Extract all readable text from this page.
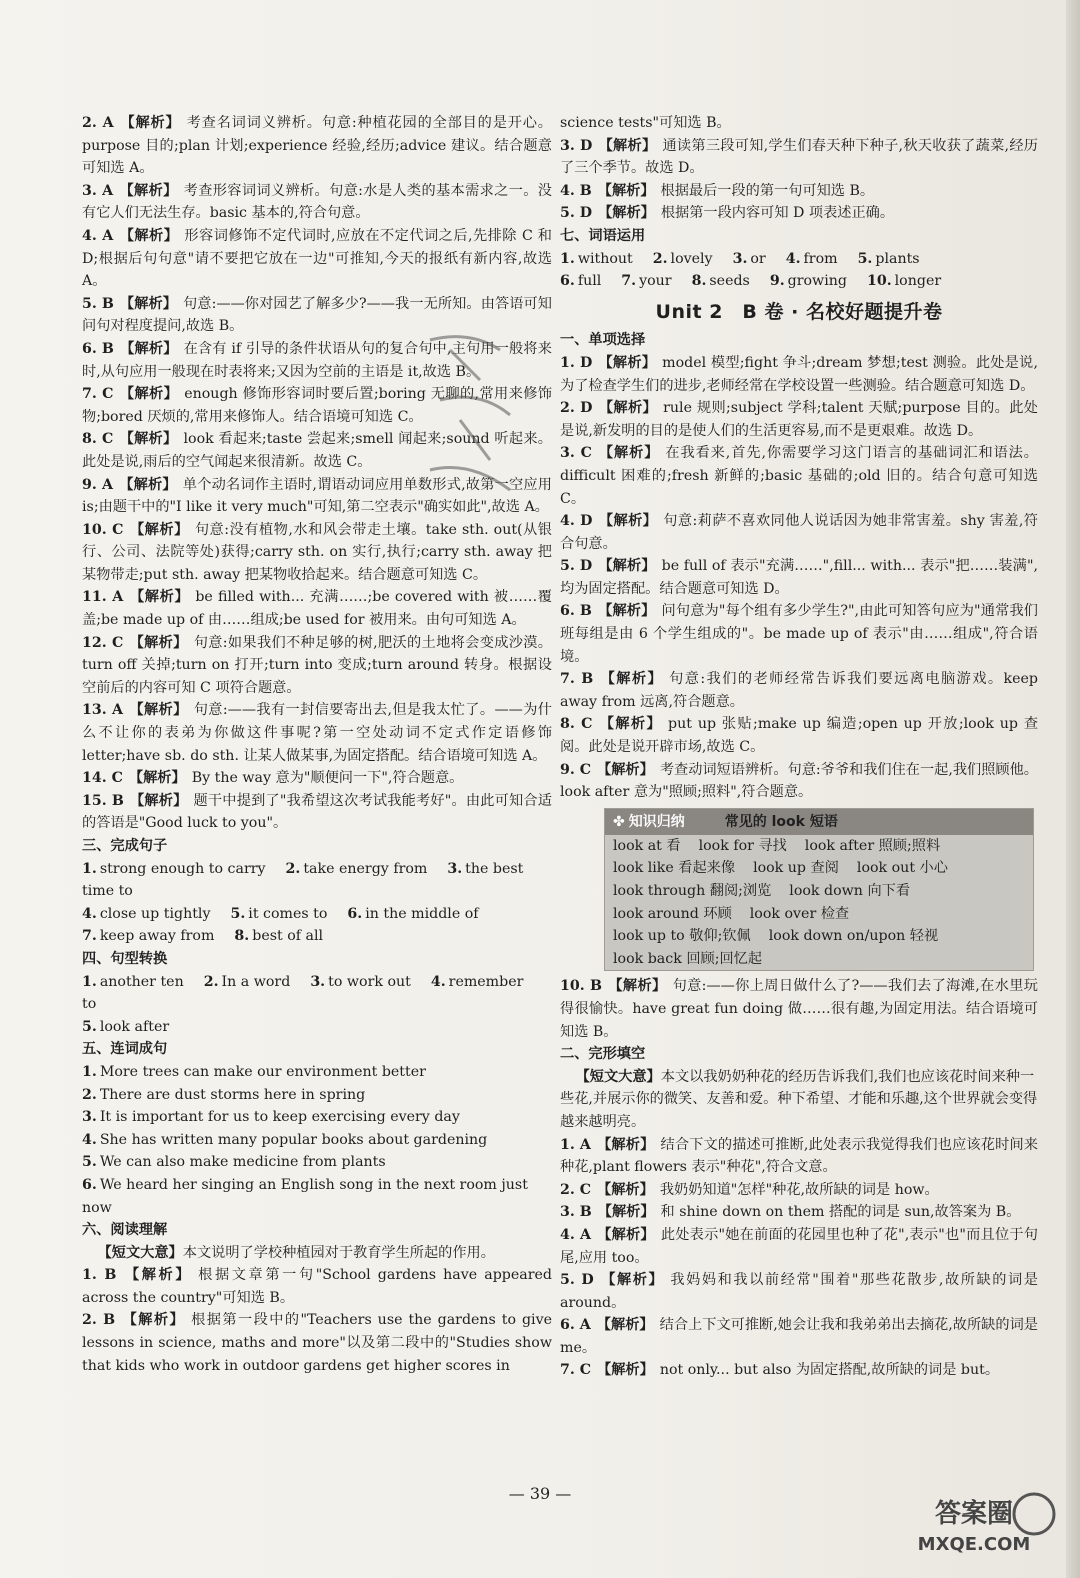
2. A 【解析】 考查名词词义辨析。句意:种植花园的全部目的是开心。purpose 目的;plan 计划;experience 经验,经历;advice 建议。结合题意可知选 A。

3. A 【解析】 考查形容词词义辨析。句意:水是人类的基本需求之一。没有它人们无法生存。basic 基本的,符合句意。

4. A 【解析】 形容词修饰不定代词时,应放在不定代词之后,先排除 C 和 D;根据后句句意"请不要把它放在一边"可推知,今天的报纸有新内容,故选 A。

5. B 【解析】 句意:——你对园艺了解多少?——我一无所知。由答语可知问句对程度提问,故选 B。

6. B 【解析】 在含有 if 引导的条件状语从句的复合句中,主句用一般将来时,从句应用一般现在时表将来;又因为空前的主语是 it,故选 B。

7. C 【解析】 enough 修饰形容词时要后置;boring 无聊的,常用来修饰物;bored 厌烦的,常用来修饰人。结合语境可知选 C。

8. C 【解析】 look 看起来;taste 尝起来;smell 闻起来;sound 听起来。此处是说,雨后的空气闻起来很清新。故选 C。

9. A 【解析】 单个动名词作主语时,谓语动词应用单数形式,故第一空应用 is;由题干中的"I like it very much"可知,第二空表示"确实如此",故选 A。

10. C 【解析】 句意:没有植物,水和风会带走土壤。take sth. out(从银行、公司、法院等处)获得;carry sth. on 实行,执行;carry sth. away 把某物带走;put sth. away 把某物收拾起来。结合题意可知选 C。

11. A 【解析】 be filled with... 充满……;be covered with 被……覆盖;be made up of 由……组成;be used for 被用来。由句可知选 A。

12. C 【解析】 句意:如果我们不种足够的树,肥沃的土地将会变成沙漠。turn off 关掉;turn on 打开;turn into 变成;turn around 转身。根据设空前后的内容可知 C 项符合题意。

13. A 【解析】 句意:——我有一封信要寄出去,但是我太忙了。——为什么不让你的表弟为你做这件事呢?第一空处动词不定式作定语修饰 letter;have sb. do sth. 让某人做某事,为固定搭配。结合语境可知选 A。

14. C 【解析】 By the way 意为"顺便问一下",符合题意。

15. B 【解析】 题干中提到了"我希望这次考试我能考好"。由此可知合适的答语是"Good luck to you"。

三、完成句子

1. strong enough to carry 2. take energy from 3. the best time to

4. close up tightly 5. it comes to 6. in the middle of

7. keep away from 8. best of all

四、句型转换

1. another ten 2. In a word 3. to work out 4. remember to

5. look after

五、连词成句

1. More trees can make our environment better

2. There are dust storms here in spring

3. It is important for us to keep exercising every day

4. She has written many popular books about gardening

5. We can also make medicine from plants

6. We heard her singing an English song in the next room just now

六、阅读理解

【短文大意】本文说明了学校种植园对于教育学生所起的作用。

1. B 【解析】 根据文章第一句"School gardens have appeared across the country"可知选 B。

2. B 【解析】 根据第一段中的"Teachers use the gardens to give lessons in science, maths and more"以及第二段中的"Studies show that kids who work in outdoor gardens get higher scores in

science tests"可知选 B。

3. D 【解析】 通读第三段可知,学生们春天种下种子,秋天收获了蔬菜,经历了三个季节。故选 D。

4. B 【解析】 根据最后一段的第一句可知选 B。

5. D 【解析】 根据第一段内容可知 D 项表述正确。

七、词语运用

1. without 2. lovely 3. or 4. from 5. plants

6. full 7. your 8. seeds 9. growing 10. longer

Unit 2　B 卷 · 名校好题提升卷

一、单项选择

1. D 【解析】 model 模型;fight 争斗;dream 梦想;test 测验。此处是说,为了检查学生们的进步,老师经常在学校设置一些测验。结合题意可知选 D。

2. D 【解析】 rule 规则;subject 学科;talent 天赋;purpose 目的。此处是说,新发明的目的是使人们的生活更容易,而不是更艰难。故选 D。

3. C 【解析】 在我看来,首先,你需要学习这门语言的基础词汇和语法。difficult 困难的;fresh 新鲜的;basic 基础的;old 旧的。结合句意可知选 C。

4. D 【解析】 句意:莉萨不喜欢同他人说话因为她非常害羞。shy 害羞,符合句意。

5. D 【解析】 be full of 表示"充满……",fill... with... 表示"把……装满",均为固定搭配。结合题意可知选 D。

6. B 【解析】 问句意为"每个组有多少学生?",由此可知答句应为"通常我们班每组是由 6 个学生组成的"。be made up of 表示"由……组成",符合语境。

7. B 【解析】 句意:我们的老师经常告诉我们要远离电脑游戏。keep away from 远离,符合题意。

8. C 【解析】 put up 张贴;make up 编造;open up 开放;look up 查阅。此处是说开辟市场,故选 C。

9. C 【解析】 考查动词短语辨析。句意:爷爷和我们住在一起,我们照顾他。look after 意为"照顾;照料",符合题意。

✤ 知识归纳	常见的 look 短语
look at 看 look for 寻找 look after 照顾;照料
look like 看起来像 look up 查阅 look out 小心
look through 翻阅;浏览 look down 向下看
look around 环顾 look over 检查
look up to 敬仰;钦佩 look down on/upon 轻视
look back 回顾;回忆起

10. B 【解析】 句意:——你上周日做什么了?——我们去了海滩,在水里玩得很愉快。have great fun doing 做……很有趣,为固定用法。结合语境可知选 B。

二、完形填空

【短文大意】本文以我奶奶种花的经历告诉我们,我们也应该花时间来种一些花,并展示你的微笑、友善和爱。种下希望、才能和乐趣,这个世界就会变得越来越明亮。

1. A 【解析】 结合下文的描述可推断,此处表示我觉得我们也应该花时间来种花,plant flowers 表示"种花",符合文意。

2. C 【解析】 我奶奶知道"怎样"种花,故所缺的词是 how。

3. B 【解析】 和 shine down on them 搭配的词是 sun,故答案为 B。

4. A 【解析】 此处表示"她在前面的花园里也种了花",表示"也"而且位于句尾,应用 too。

5. D 【解析】 我妈妈和我以前经常"围着"那些花散步,故所缺的词是 around。

6. A 【解析】 结合上下文可推断,她会让我和我弟弟出去摘花,故所缺的词是 me。

7. C 【解析】 not only... but also 为固定搭配,故所缺的词是 but。

— 39 —
答案圈
MXQE.COM
